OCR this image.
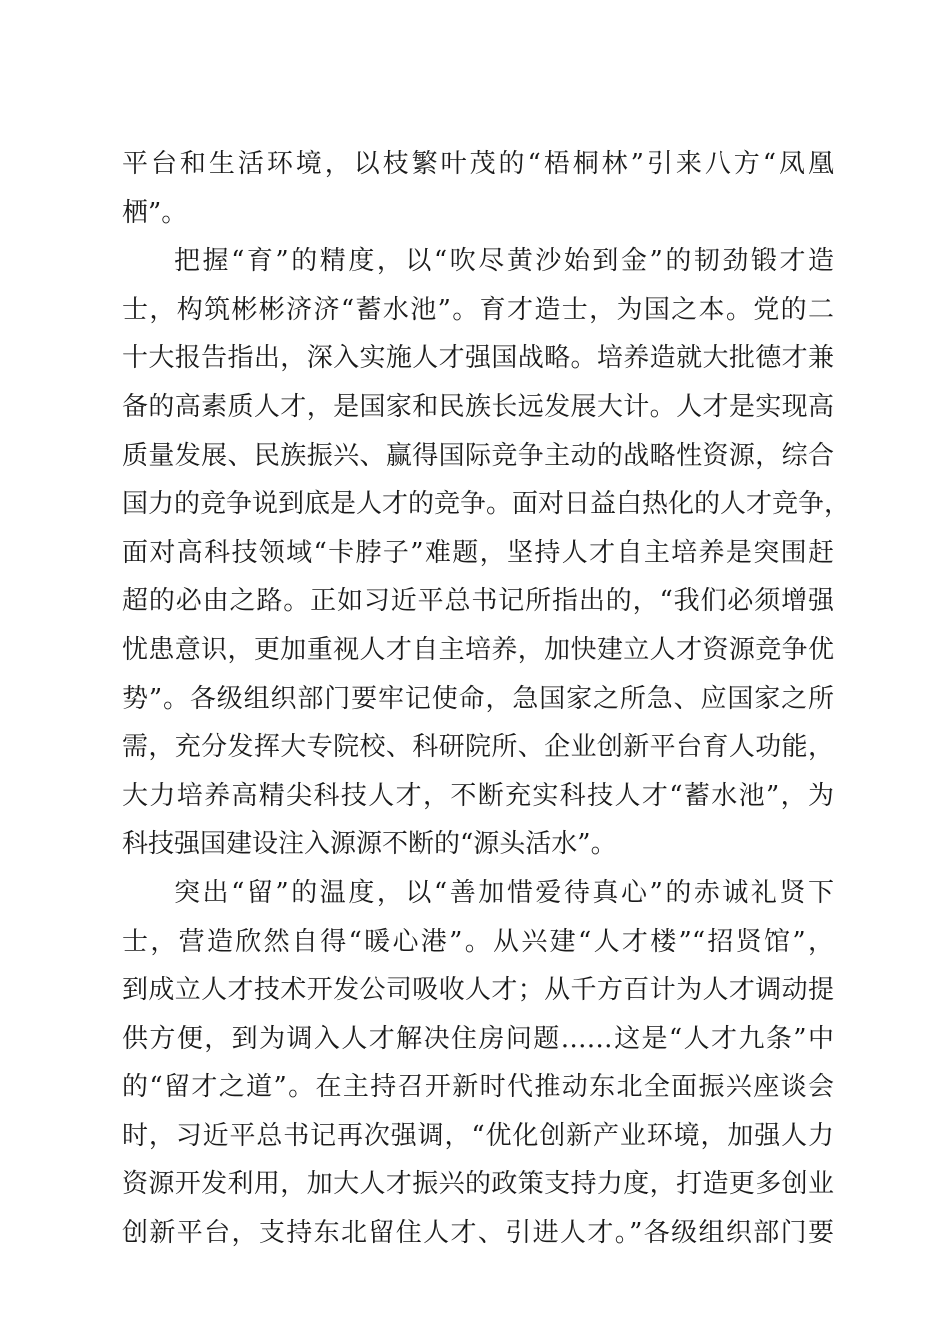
平台和生活环境，以枝繁叶茂的“梧桐林”引来八方“凤凰
栖”。
把握“育”的精度，以“吹尽黄沙始到金”的韧劲锻才造
士，构筑彬彬济济“蓄水池”。育才造士，为国之本。党的二
十大报告指出，深入实施人才强国战略。培养造就大批德才兼
备的高素质人才，是国家和民族长远发展大计。人才是实现高
质量发展、民族振兴、赢得国际竞争主动的战略性资源，综合
国力的竞争说到底是人才的竞争。面对日益白热化的人才竞争，
面对高科技领域“卡脖子”难题，坚持人才自主培养是突围赶
超的必由之路。正如习近平总书记所指出的，“我们必须增强
忧患意识，更加重视人才自主培养，加快建立人才资源竞争优
势”。各级组织部门要牢记使命，急国家之所急、应国家之所
需，充分发挥大专院校、科研院所、企业创新平台育人功能，
大力培养高精尖科技人才，不断充实科技人才“蓄水池”，为
科技强国建设注入源源不断的“源头活水”。
突出“留”的温度，以“善加惜爱待真心”的赤诚礼贤下
士，营造欣然自得“暖心港”。从兴建“人才楼”“招贤馆”，
到成立人才技术开发公司吸收人才；从千方百计为人才调动提
供方便，到为调入人才解决住房问题……这是“人才九条”中
的“留才之道”。在主持召开新时代推动东北全面振兴座谈会
时，习近平总书记再次强调，“优化创新产业环境，加强人力
资源开发利用，加大人才振兴的政策支持力度，打造更多创业
创新平台，支持东北留住人才、引进人才。”各级组织部门要
